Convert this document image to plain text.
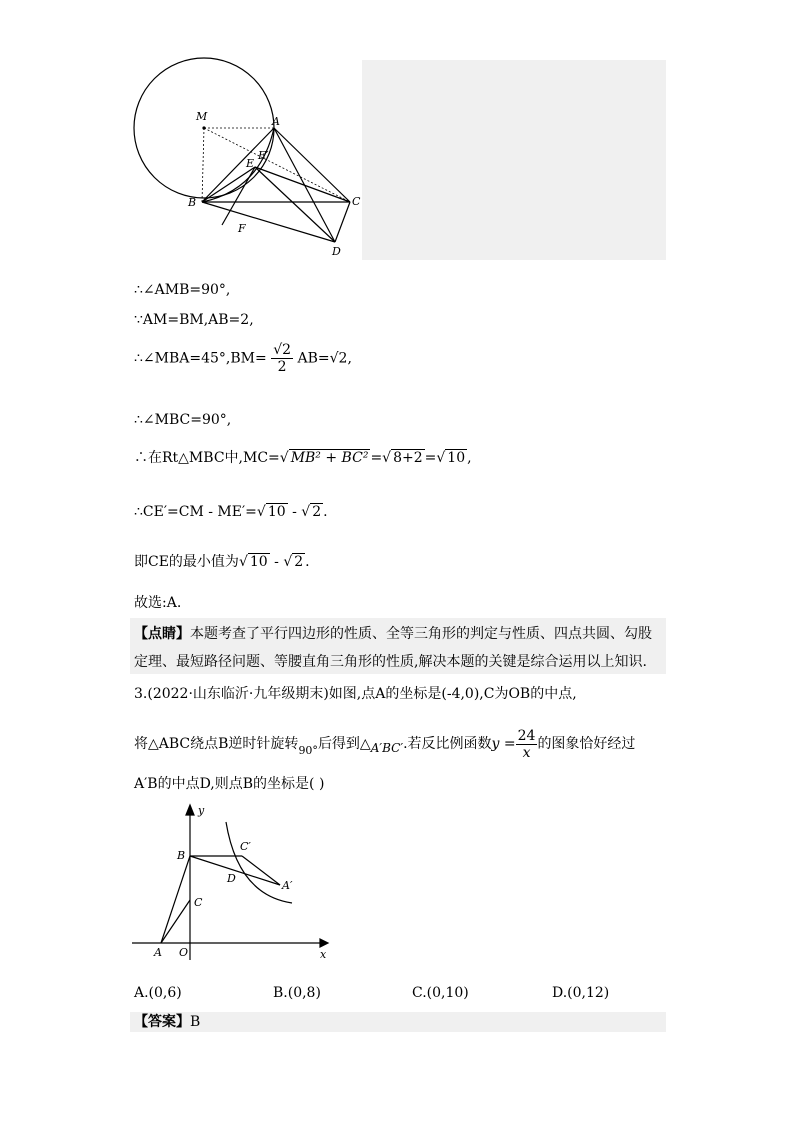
M	A
E
E′
B	C
F
D
∴∠AMB=90°,
∵AM=BM,AB=2,
∴∠MBA=45°,BM= $\frac{√2}{2} AB=√2$,
∴∠MBC=90°,
∴在Rt△MBC中,MC=√ MB² + BC² =√ 8+2 =√ 10 ,
∴CE′=CM - ME′=√ 10 - √ 2 .
即CE的最小值为√ 10 - √ 2 .
故选:A.
【点睛】本题考查了平行四边形的性质、全等三角形的判定与性质、四点共圆、勾股
定理、最短路径问题、等腰直角三角形的性质,解决本题的关键是综合运用以上知识.
3.(2022·山东临沂·九年级期末)如图,点A的坐标是(-4,0),C为OB的中点,
将△ABC绕点B逆时针旋转$_{90^\circ}$后得到△A′BC′.若反比例函数$y = \frac{24}{x}$ 的图象恰好经过
A′B的中点D,则点B的坐标是( )
y
x
B
C′
D
A′
C
A O
A.(0,6)	B.(0,8)	C.(0,10)	D.(0,12)
【答案】B
